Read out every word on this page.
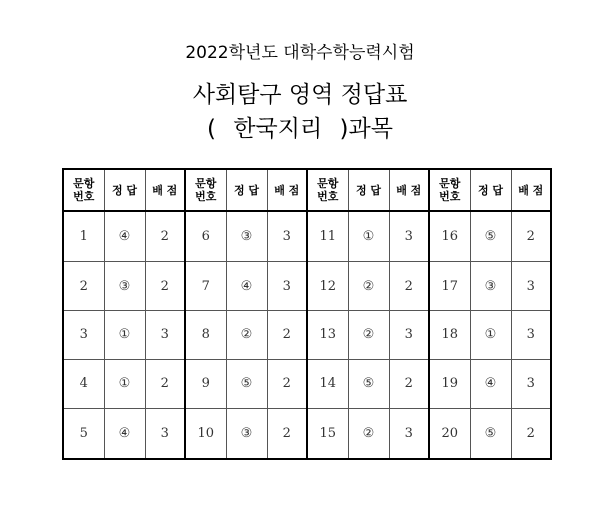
2022학년도 대학수학능력시험
사회탐구 영역 정답표
( 한국지리 )과목
문항
번호	정 답	배 점	문항
번호	정 답	배 점	문항
번호	정 답	배 점	문항
번호	정 답	배 점
1	④	2	6	③	3	11	①	3	16	⑤	2
2	③	2	7	④	3	12	②	2	17	③	3
3	①	3	8	②	2	13	②	3	18	①	3
4	①	2	9	⑤	2	14	⑤	2	19	④	3
5	④	3	10	③	2	15	②	3	20	⑤	2
